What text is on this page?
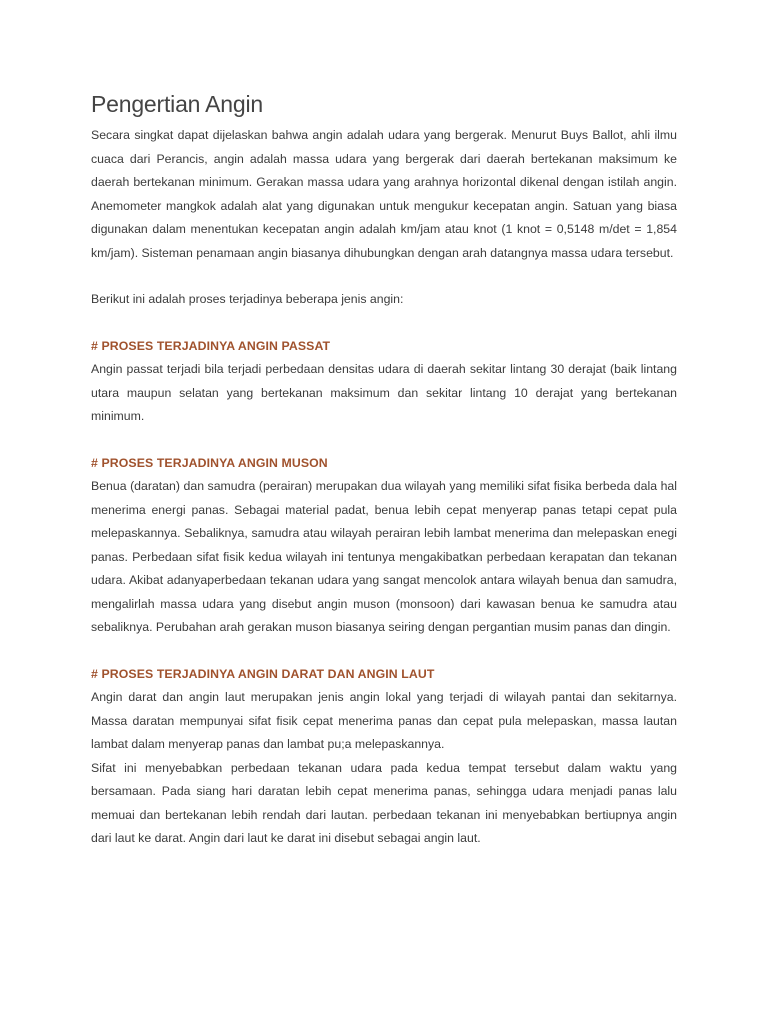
Pengertian Angin

Secara singkat dapat dijelaskan bahwa angin adalah udara yang bergerak. Menurut Buys Ballot, ahli ilmu cuaca dari Perancis, angin adalah massa udara yang bergerak dari daerah bertekanan maksimum ke daerah bertekanan minimum. Gerakan massa udara yang arahnya horizontal dikenal dengan istilah angin. Anemometer mangkok adalah alat yang digunakan untuk mengukur kecepatan angin. Satuan yang biasa digunakan dalam menentukan kecepatan angin adalah km/jam atau knot (1 knot = 0,5148 m/det = 1,854 km/jam). Sisteman penamaan angin biasanya dihubungkan dengan arah datangnya massa udara tersebut.

Berikut ini adalah proses terjadinya beberapa jenis angin:

# PROSES TERJADINYA ANGIN PASSAT

Angin passat terjadi bila terjadi perbedaan densitas udara di daerah sekitar lintang 30 derajat (baik lintang utara maupun selatan yang bertekanan maksimum dan sekitar lintang 10 derajat yang bertekanan minimum.

# PROSES TERJADINYA ANGIN MUSON

Benua (daratan) dan samudra (perairan) merupakan dua wilayah yang memiliki sifat fisika berbeda dala hal menerima energi panas. Sebagai material padat, benua lebih cepat menyerap panas tetapi cepat pula melepaskannya. Sebaliknya, samudra atau wilayah perairan lebih lambat menerima dan melepaskan enegi panas. Perbedaan sifat fisik kedua wilayah ini tentunya mengakibatkan perbedaan kerapatan dan tekanan udara. Akibat adanyaperbedaan tekanan udara yang sangat mencolok antara wilayah benua dan samudra, mengalirlah massa udara yang disebut angin muson (monsoon) dari kawasan benua ke samudra atau sebaliknya. Perubahan arah gerakan muson biasanya seiring dengan pergantian musim panas dan dingin.

# PROSES TERJADINYA ANGIN DARAT DAN ANGIN LAUT

Angin darat dan angin laut merupakan jenis angin lokal yang terjadi di wilayah pantai dan sekitarnya. Massa daratan mempunyai sifat fisik cepat menerima panas dan cepat pula melepaskan, massa lautan lambat dalam menyerap panas dan lambat pu;a melepaskannya.

Sifat ini menyebabkan perbedaan tekanan udara pada kedua tempat tersebut dalam waktu yang bersamaan. Pada siang hari daratan lebih cepat menerima panas, sehingga udara menjadi panas lalu memuai dan bertekanan lebih rendah dari lautan. perbedaan tekanan ini menyebabkan bertiupnya angin dari laut ke darat. Angin dari laut ke darat ini disebut sebagai angin laut.
